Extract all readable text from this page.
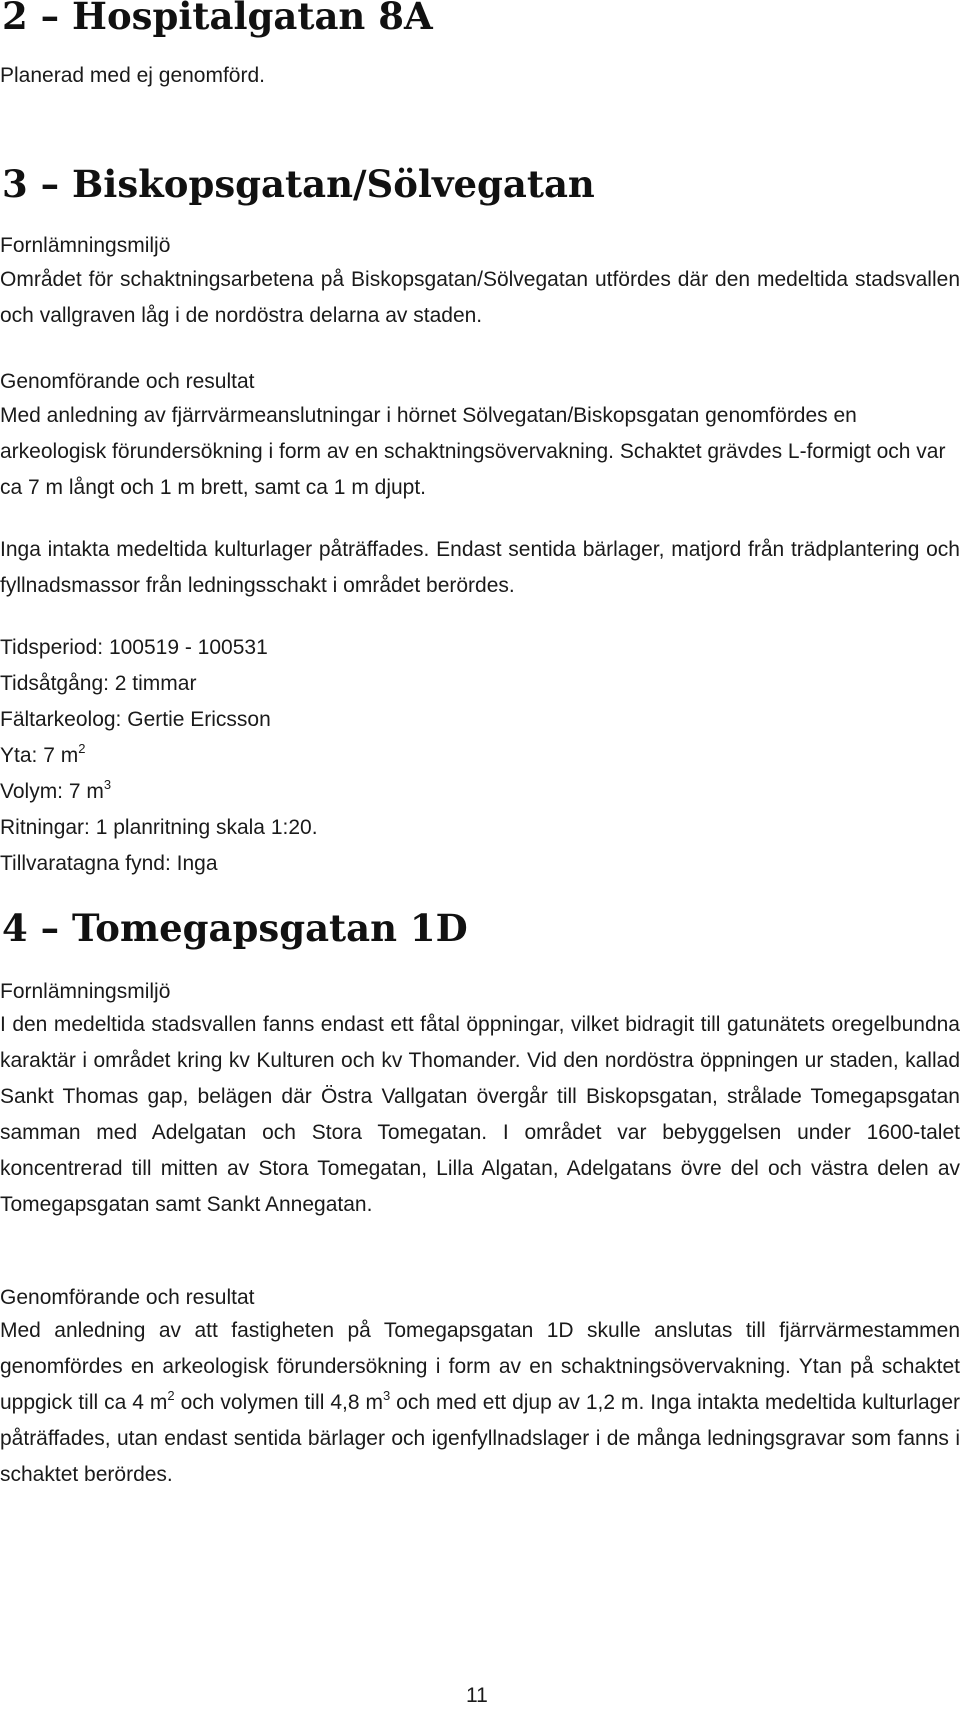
2 – Hospitalgatan 8A

Planerad med ej genomförd.

3 – Biskopsgatan/Sölvegatan

Fornlämningsmiljö

Området för schaktningsarbetena på Biskopsgatan/Sölvegatan utfördes där den medeltida stadsvallen och vallgraven låg i de nordöstra delarna av staden.

Genomförande och resultat

Med anledning av fjärrvärmeanslutningar i hörnet Sölvegatan/Biskopsgatan genomfördes en arkeologisk förundersökning i form av en schaktningsövervakning. Schaktet grävdes L-formigt och var ca 7 m långt och 1 m brett, samt ca 1 m djupt.

Inga intakta medeltida kulturlager påträffades. Endast sentida bärlager, matjord från trädplantering och fyllnadsmassor från ledningsschakt i området berördes.

Tidsperiod: 100519 - 100531

Tidsåtgång: 2 timmar

Fältarkeolog: Gertie Ericsson

Yta: 7 $m^2$

Volym: 7 $m^3$

Ritningar: 1 planritning skala 1:20.

Tillvaratagna fynd: Inga

4 – Tomegapsgatan 1D

Fornlämningsmiljö

I den medeltida stadsvallen fanns endast ett fåtal öppningar, vilket bidragit till gatunätets oregelbundna karaktär i området kring kv Kulturen och kv Thomander. Vid den nordöstra öppningen ur staden, kallad Sankt Thomas gap, belägen där Östra Vallgatan övergår till Biskopsgatan, strålade Tomegapsgatan samman med Adelgatan och Stora Tomegatan. I området var bebyggelsen under 1600-talet koncentrerad till mitten av Stora Tomegatan, Lilla Algatan, Adelgatans övre del och västra delen av Tomegapsgatan samt Sankt Annegatan.

Genomförande och resultat

Med anledning av att fastigheten på Tomegapsgatan 1D skulle anslutas till fjärrvärmestammen genomfördes en arkeologisk förundersökning i form av en schaktningsövervakning. Ytan på schaktet uppgick till ca 4 $m^2$ och volymen till 4,8 $m^3$ och med ett djup av 1,2 m. Inga intakta medeltida kulturlager påträffades, utan endast sentida bärlager och igenfyllnadslager i de många ledningsgravar som fanns i schaktet berördes.

11
